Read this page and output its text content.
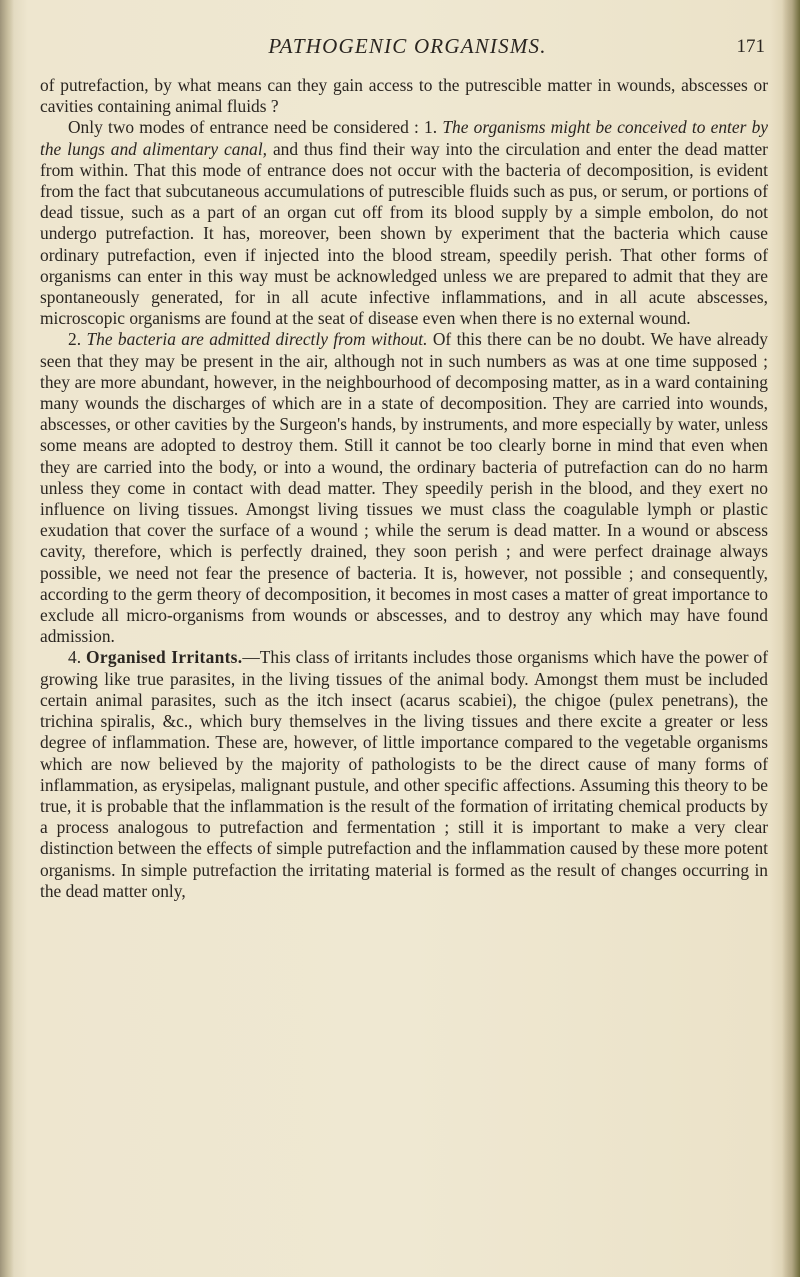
PATHOGENIC ORGANISMS.	171

of putrefaction, by what means can they gain access to the putrescible matter in wounds, abscesses or cavities containing animal fluids ?

Only two modes of entrance need be considered : 1. The organisms might be conceived to enter by the lungs and alimentary canal, and thus find their way into the circulation and enter the dead matter from within. That this mode of entrance does not occur with the bacteria of decomposition, is evident from the fact that subcutaneous accumulations of putrescible fluids such as pus, or serum, or portions of dead tissue, such as a part of an organ cut off from its blood supply by a simple embolon, do not undergo putrefaction. It has, moreover, been shown by experiment that the bacteria which cause ordinary putrefaction, even if injected into the blood stream, speedily perish. That other forms of organisms can enter in this way must be acknowledged unless we are prepared to admit that they are spontaneously generated, for in all acute infective inflammations, and in all acute abscesses, microscopic organisms are found at the seat of disease even when there is no external wound.

2. The bacteria are admitted directly from without. Of this there can be no doubt. We have already seen that they may be present in the air, although not in such numbers as was at one time supposed ; they are more abundant, however, in the neighbourhood of decomposing matter, as in a ward containing many wounds the discharges of which are in a state of decomposition. They are carried into wounds, abscesses, or other cavities by the Surgeon's hands, by instruments, and more especially by water, unless some means are adopted to destroy them. Still it cannot be too clearly borne in mind that even when they are carried into the body, or into a wound, the ordinary bacteria of putrefaction can do no harm unless they come in contact with dead matter. They speedily perish in the blood, and they exert no influence on living tissues. Amongst living tissues we must class the coagulable lymph or plastic exudation that cover the surface of a wound ; while the serum is dead matter. In a wound or abscess cavity, therefore, which is perfectly drained, they soon perish ; and were perfect drainage always possible, we need not fear the presence of bacteria. It is, however, not possible ; and consequently, according to the germ theory of decomposition, it becomes in most cases a matter of great importance to exclude all micro-organisms from wounds or abscesses, and to destroy any which may have found admission.

4. Organised Irritants.—This class of irritants includes those organisms which have the power of growing like true parasites, in the living tissues of the animal body. Amongst them must be included certain animal parasites, such as the itch insect (acarus scabiei), the chigoe (pulex penetrans), the trichina spiralis, &c., which bury themselves in the living tissues and there excite a greater or less degree of inflammation. These are, however, of little importance compared to the vegetable organisms which are now believed by the majority of pathologists to be the direct cause of many forms of inflammation, as erysipelas, malignant pustule, and other specific affections. Assuming this theory to be true, it is probable that the inflammation is the result of the formation of irritating chemical products by a process analogous to putrefaction and fermentation ; still it is important to make a very clear distinction between the effects of simple putrefaction and the inflammation caused by these more potent organisms. In simple putrefaction the irritating material is formed as the result of changes occurring in the dead matter only,
